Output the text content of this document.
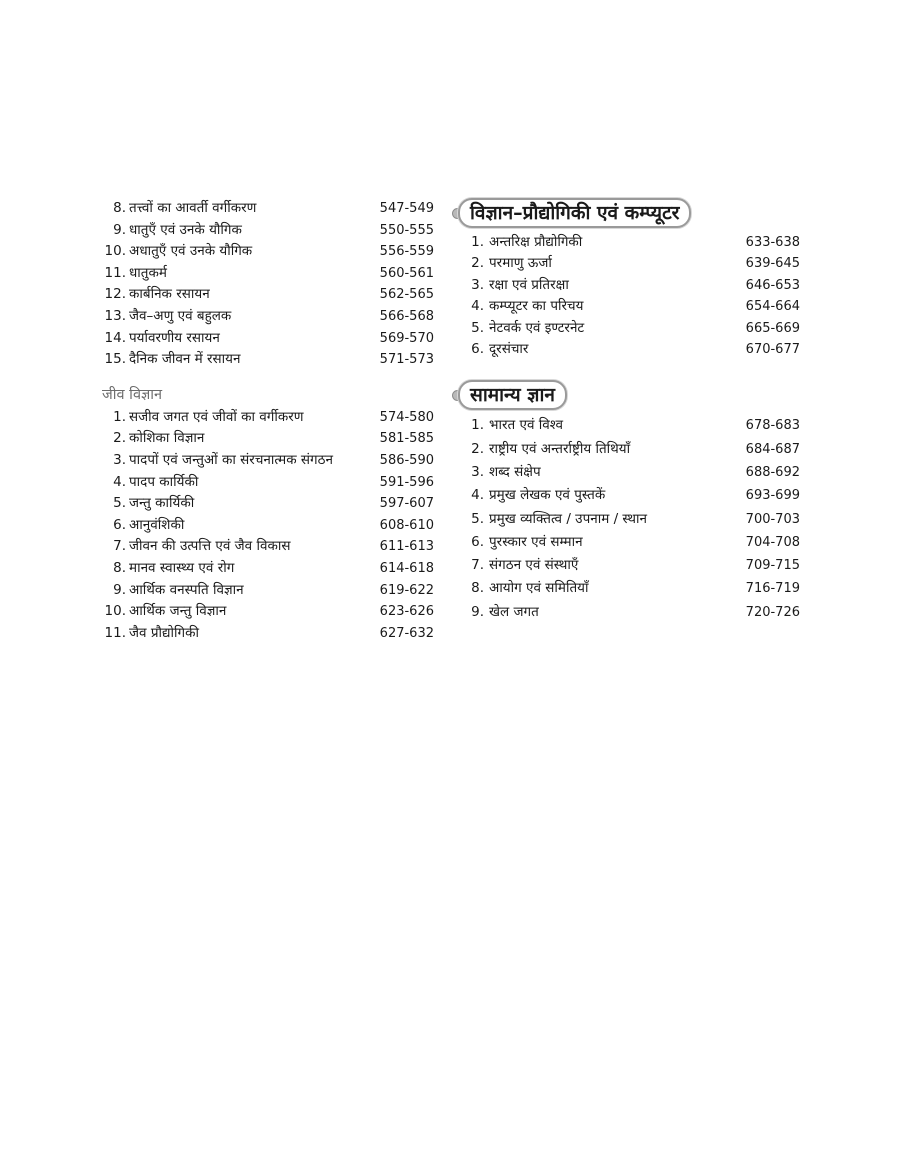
8. तत्त्वों का आवर्ती वर्गीकरण	547-549
9. धातुएँ एवं उनके यौगिक	550-555
10. अधातुएँ एवं उनके यौगिक	556-559
11. धातुकर्म	560-561
12. कार्बनिक रसायन	562-565
13. जैव–अणु एवं बहुलक	566-568
14. पर्यावरणीय रसायन	569-570
15. दैनिक जीवन में रसायन	571-573
जीव विज्ञान
1. सजीव जगत एवं जीवों का वर्गीकरण	574-580
2. कोशिका विज्ञान	581-585
3. पादपों एवं जन्तुओं का संरचनात्मक संगठन	586-590
4. पादप कार्यिकी	591-596
5. जन्तु कार्यिकी	597-607
6. आनुवंशिकी	608-610
7. जीवन की उत्पत्ति एवं जैव विकास	611-613
8. मानव स्वास्थ्य एवं रोग	614-618
9. आर्थिक वनस्पति विज्ञान	619-622
10. आर्थिक जन्तु विज्ञान	623-626
11. जैव प्रौद्योगिकी	627-632
विज्ञान–प्रौद्योगिकी एवं कम्प्यूटर
1. अन्तरिक्ष प्रौद्योगिकी	633-638
2. परमाणु ऊर्जा	639-645
3. रक्षा एवं प्रतिरक्षा	646-653
4. कम्प्यूटर का परिचय	654-664
5. नेटवर्क एवं इण्टरनेट	665-669
6. दूरसंचार	670-677
सामान्य ज्ञान
1. भारत एवं विश्व	678-683
2. राष्ट्रीय एवं अन्तर्राष्ट्रीय तिथियाँ	684-687
3. शब्द संक्षेप	688-692
4. प्रमुख लेखक एवं पुस्तकें	693-699
5. प्रमुख व्यक्तित्व / उपनाम / स्थान	700-703
6. पुरस्कार एवं सम्मान	704-708
7. संगठन एवं संस्थाएँ	709-715
8. आयोग एवं समितियाँ	716-719
9. खेल जगत	720-726
